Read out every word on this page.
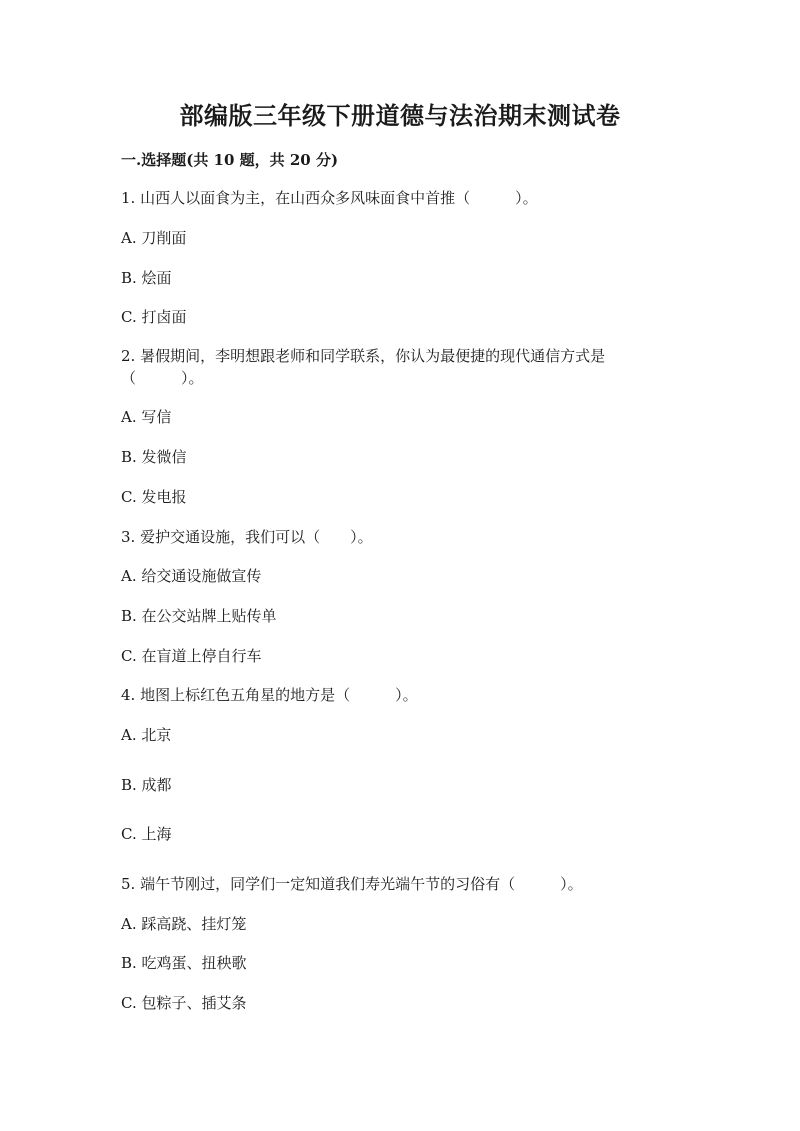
部编版三年级下册道德与法治期末测试卷
一.选择题(共 10 题，共 20 分)
1. 山西人以面食为主，在山西众多风味面食中首推（　　　）。
A. 刀削面
B. 烩面
C. 打卤面
2. 暑假期间，李明想跟老师和同学联系，你认为最便捷的现代通信方式是（　　　）。
A. 写信
B. 发微信
C. 发电报
3. 爱护交通设施，我们可以（　　）。
A. 给交通设施做宣传
B. 在公交站牌上贴传单
C. 在盲道上停自行车
4. 地图上标红色五角星的地方是（　　　）。
A. 北京
B. 成都
C. 上海
5. 端午节刚过，同学们一定知道我们寿光端午节的习俗有（　　　）。
A. 踩高跷、挂灯笼
B. 吃鸡蛋、扭秧歌
C. 包粽子、插艾条
